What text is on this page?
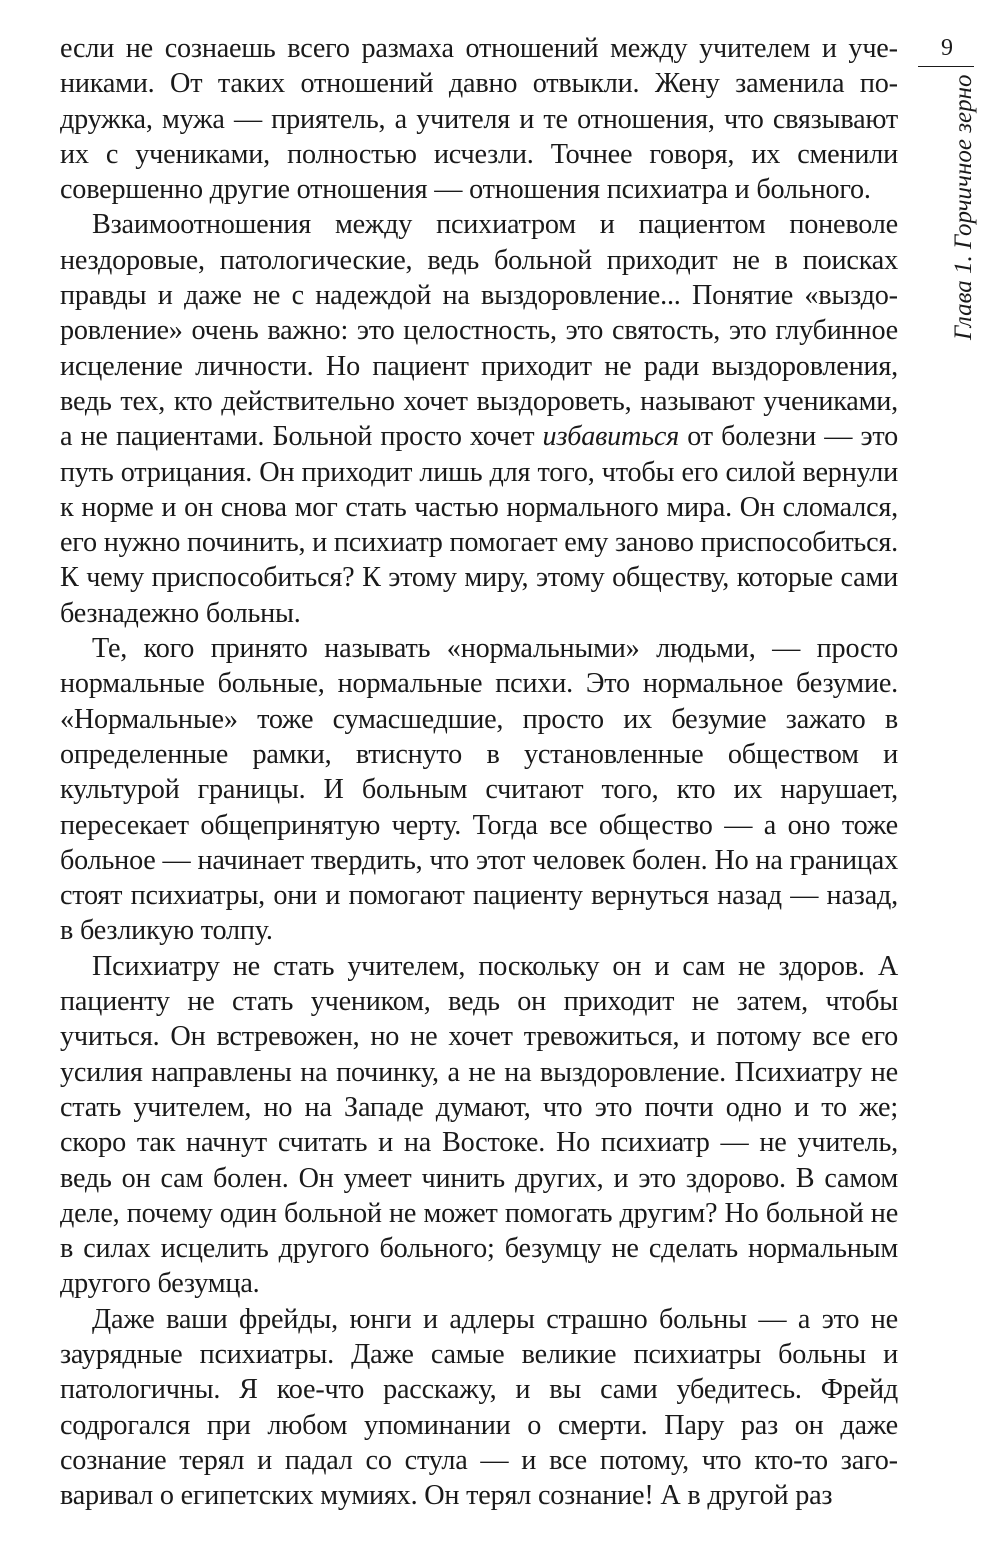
9
Глава 1. Горчичное зерно

если не сознаешь всего размаха отношений между учителем и учениками. От таких отношений давно отвыкли. Жену заменила подружка, мужа — приятель, а учителя и те отношения, что связывают их с учениками, полностью исчезли. Точнее говоря, их сменили совершенно другие отношения — отношения психиатра и больного.

Взаимоотношения между психиатром и пациентом поневоле нездоровые, патологические, ведь больной приходит не в поисках правды и даже не с надеждой на выздоровление... Понятие «выздоровление» очень важно: это целостность, это святость, это глубинное исцеление личности. Но пациент приходит не ради выздоровления, ведь тех, кто действительно хочет выздороветь, называют учениками, а не пациентами. Больной просто хочет избавиться от болезни — это путь отрицания. Он приходит лишь для того, чтобы его силой вернули к норме и он снова мог стать частью нормального мира. Он сломался, его нужно починить, и психиатр помогает ему заново приспособиться. К чему приспособиться? К этому миру, этому обществу, которые сами безнадежно больны.

Те, кого принято называть «нормальными» людьми, — просто нормальные больные, нормальные психи. Это нормальное безумие. «Нормальные» тоже сумасшедшие, просто их безумие зажато в определенные рамки, втиснуто в установленные обществом и культурой границы. И больным считают того, кто их нарушает, пересекает общепринятую черту. Тогда все общество — а оно тоже больное — начинает твердить, что этот человек болен. Но на границах стоят психиатры, они и помогают пациенту вернуться назад — назад, в безликую толпу.

Психиатру не стать учителем, поскольку он и сам не здоров. А пациенту не стать учеником, ведь он приходит не затем, чтобы учиться. Он встревожен, но не хочет тревожиться, и потому все его усилия направлены на починку, а не на выздоровление. Психиатру не стать учителем, но на Западе думают, что это почти одно и то же; скоро так начнут считать и на Востоке. Но психиатр — не учитель, ведь он сам болен. Он умеет чинить других, и это здорово. В самом деле, почему один больной не может помогать другим? Но больной не в силах исцелить другого больного; безумцу не сделать нормальным другого безумца.

Даже ваши фрейды, юнги и адлеры страшно больны — а это не заурядные психиатры. Даже самые великие психиатры больны и патологичны. Я кое-что расскажу, и вы сами убедитесь. Фрейд содрогался при любом упоминании о смерти. Пару раз он даже сознание терял и падал со стула — и все потому, что кто-то заговаривал о египетских мумиях. Он терял сознание! А в другой раз
